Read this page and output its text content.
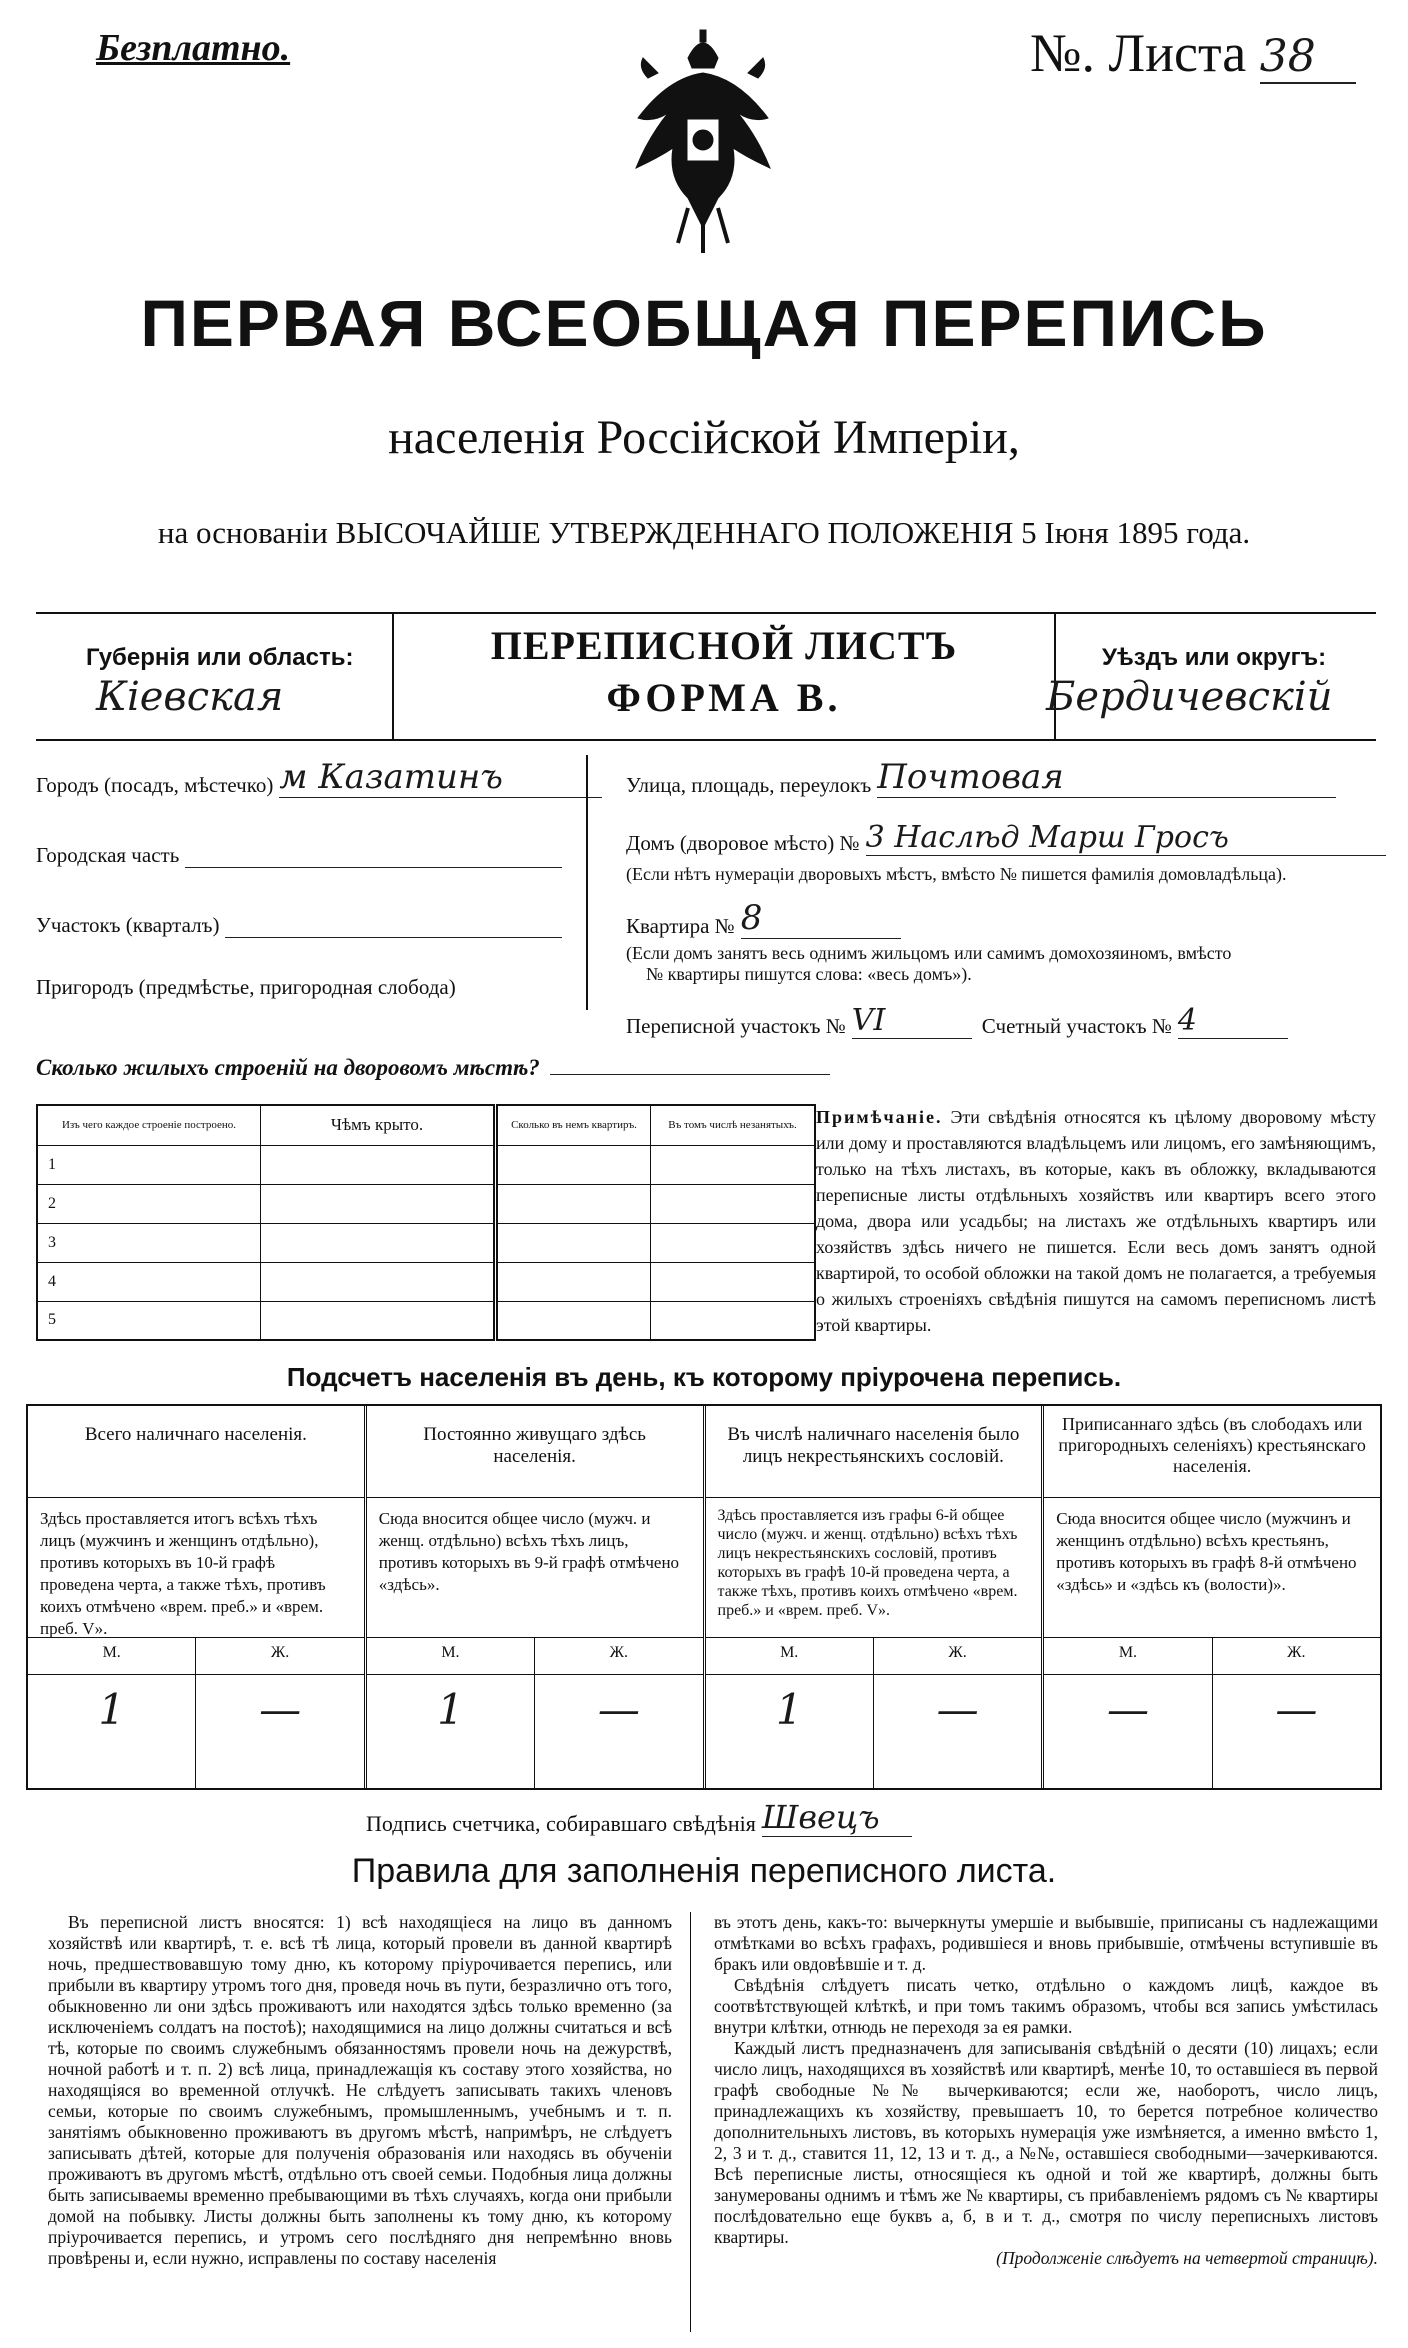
Безплатно.	№. Листа 38
ПЕРВАЯ ВСЕОБЩАЯ ПЕРЕПИСЬ
населенія Россійской Имперіи,
на основаніи ВЫСОЧАЙШЕ УТВЕРЖДЕННАГО ПОЛОЖЕНІЯ 5 Іюня 1895 года.
Губернія или область:
Кіевская
ПЕРЕПИСНОЙ ЛИСТЪ
ФОРМА В.
Уѣздъ или округъ:
Бердичевскій
Городъ (посадъ, мѣстечко) м Казатинъ
Городская часть
Участокъ (кварталъ)
Пригородъ (предмѣстье, пригородная слобода)
Улица, площадь, переулокъ Почтовая
Домъ (дворовое мѣсто) № 3 Наслѣд Марш Гросъ
(Если нѣтъ нумераціи дворовыхъ мѣстъ, вмѣсто № пишется фамилія домовладѣльца).
Квартира № 8
(Если домъ занятъ весь однимъ жильцомъ или самимъ домохозяиномъ, вмѣсто
№ квартиры пишутся слова: «весь домъ»).
Переписной участокъ № VI	Счетный участокъ № 4
Сколько жилыхъ строеній на дворовомъ мѣстѣ?
Изъ чего каждое строеніе построено.	Чѣмъ крыто.	Сколько въ немъ квартиръ.	Въ томъ числѣ незанятыхъ.
1			
2			
3			
4			
5			
Примѣчаніе. Эти свѣдѣнія относятся къ цѣлому дворовому мѣсту или дому и проставляются владѣльцемъ или лицомъ, его замѣняющимъ, только на тѣхъ листахъ, въ которые, какъ въ обложку, вкладываются переписные листы отдѣльныхъ хозяйствъ или квартиръ всего этого дома, двора или усадьбы; на листахъ же отдѣльныхъ квартиръ или хозяйствъ здѣсь ничего не пишется. Если весь домъ занятъ одной квартирой, то особой обложки на такой домъ не полагается, а требуемыя о жилыхъ строеніяхъ свѣдѣнія пишутся на самомъ переписномъ листѣ этой квартиры.
Подсчетъ населенія въ день, къ которому пріурочена перепись.
Всего наличнаго населенія.
Здѣсь проставляется итогъ всѣхъ тѣхъ лицъ (мужчинъ и женщинъ отдѣльно), противъ которыхъ въ 10-й графѣ проведена черта, а также тѣхъ, противъ коихъ отмѣчено «врем. преб.» и «врем. преб. V».
М.	Ж.
1	—
Постоянно живущаго здѣсь населенія.
Сюда вносится общее число (мужч. и женщ. отдѣльно) всѣхъ тѣхъ лицъ, противъ которыхъ въ 9-й графѣ отмѣчено «здѣсь».
М.	Ж.
1	—
Въ числѣ наличнаго населенія было лицъ некрестьянскихъ сословій.
Здѣсь проставляется изъ графы 6-й общее число (мужч. и женщ. отдѣльно) всѣхъ тѣхъ лицъ некрестьянскихъ сословій, противъ которыхъ въ графѣ 10-й проведена черта, а также тѣхъ, противъ коихъ отмѣчено «врем. преб.» и «врем. преб. V».
М.	Ж.
1	—
Приписаннаго здѣсь (въ слободахъ или пригородныхъ селеніяхъ) крестьянскаго населенія.
Сюда вносится общее число (мужчинъ и женщинъ отдѣльно) всѣхъ крестьянъ, противъ которыхъ въ графѣ 8-й отмѣчено «здѣсь» и «здѣсь къ (волости)».
М.	Ж.
—	—
Подпись счетчика, собиравшаго свѣдѣнія Швецъ
Правила для заполненія переписного листа.
Въ переписной листъ вносятся: 1) всѣ находящіеся на лицо въ данномъ хозяйствѣ или квартирѣ, т. е. всѣ тѣ лица, который провели въ данной квартирѣ ночь, предшествовавшую тому дню, къ которому пріурочивается перепись, или прибыли въ квартиру утромъ того дня, проведя ночь въ пути, безразлично отъ того, обыкновенно ли они здѣсь проживаютъ или находятся здѣсь только временно (за исключеніемъ солдатъ на постоѣ); находящимися на лицо должны считаться и всѣ тѣ, которые по своимъ служебнымъ обязанностямъ провели ночь на дежурствѣ, ночной работѣ и т. п. 2) всѣ лица, принадлежащія къ составу этого хозяйства, но находящіяся во временной отлучкѣ. Не слѣдуетъ записывать такихъ членовъ семьи, которые по своимъ служебнымъ, промышленнымъ, учебнымъ и т. п. занятіямъ обыкновенно проживаютъ въ другомъ мѣстѣ, напримѣръ, не слѣдуетъ записывать дѣтей, которые для полученія образованія или находясь въ обученіи проживаютъ въ другомъ мѣстѣ, отдѣльно отъ своей семьи. Подобныя лица должны быть записываемы временно пребывающими въ тѣхъ случаяхъ, когда они прибыли домой на побывку. Листы должны быть заполнены къ тому дню, къ которому пріурочивается перепись, и утромъ сего послѣдняго дня непремѣнно вновь провѣрены и, если нужно, исправлены по составу населенія

въ этотъ день, какъ-то: вычеркнуты умершіе и выбывшіе, приписаны съ надлежащими отмѣтками во всѣхъ графахъ, родившіеся и вновь прибывшіе, отмѣчены вступившіе въ бракъ или овдовѣвшіе и т. д.

Свѣдѣнія слѣдуетъ писать четко, отдѣльно о каждомъ лицѣ, каждое въ соотвѣтствующей клѣткѣ, и при томъ такимъ образомъ, чтобы вся запись умѣстилась внутри клѣтки, отнюдь не переходя за ея рамки.

Каждый листъ предназначенъ для записыванія свѣдѣній о десяти (10) лицахъ; если число лицъ, находящихся въ хозяйствѣ или квартирѣ, менѣе 10, то оставшіеся въ первой графѣ свободные №№ вычеркиваются; если же, наоборотъ, число лицъ, принадлежащихъ къ хозяйству, превышаетъ 10, то берется потребное количество дополнительныхъ листовъ, въ которыхъ нумерація уже измѣняется, а именно вмѣсто 1, 2, 3 и т. д., ставится 11, 12, 13 и т. д., а №№, оставшіеся свободными—зачеркиваются. Всѣ переписные листы, относящіеся къ одной и той же квартирѣ, должны быть занумерованы однимъ и тѣмъ же № квартиры, съ прибавленіемъ рядомъ съ № квартиры послѣдовательно еще буквъ а, б, в и т. д., смотря по числу переписныхъ листовъ квартиры.

(Продолженіе слѣдуетъ на четвертой страницѣ).
